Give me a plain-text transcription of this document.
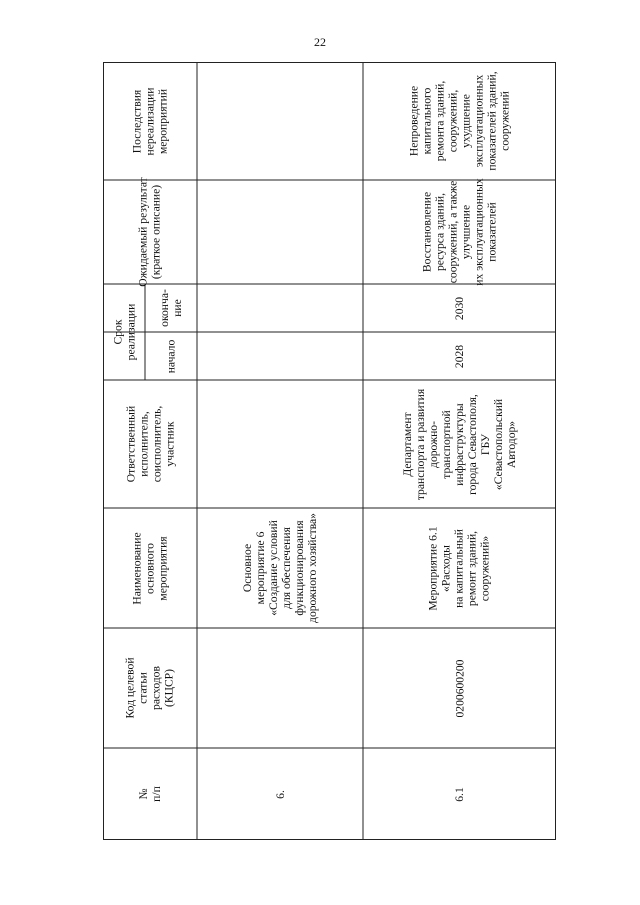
22
№ п/п
Код целевой статьи расходов (КЦСР)
Наименование основного мероприятия
Ответственный исполнитель, соисполнитель, участник
Срок реализации начало
оконча- ние
Ожидаемый результат (краткое описание)
Последствия нереализации мероприятий
6.
Основное мероприятие 6 «Создание условий для обеспечения функционирования дорожного хозяйства»
6.1
0200600200
Мероприятие 6.1 «Расходы на капитальный ремонт зданий, сооружений»
Департамент транспорта и развития дорожно- транспортной инфраструктуры города Севастополя, ГБУ «Севастопольский Автодор»
2028
2030
Восстановление ресурса зданий, сооружений, а также улучшение их эксплуатационных показателей
Непроведение капитального ремонта зданий, сооружений, ухудшение эксплуатационных показателей зданий, сооружений
